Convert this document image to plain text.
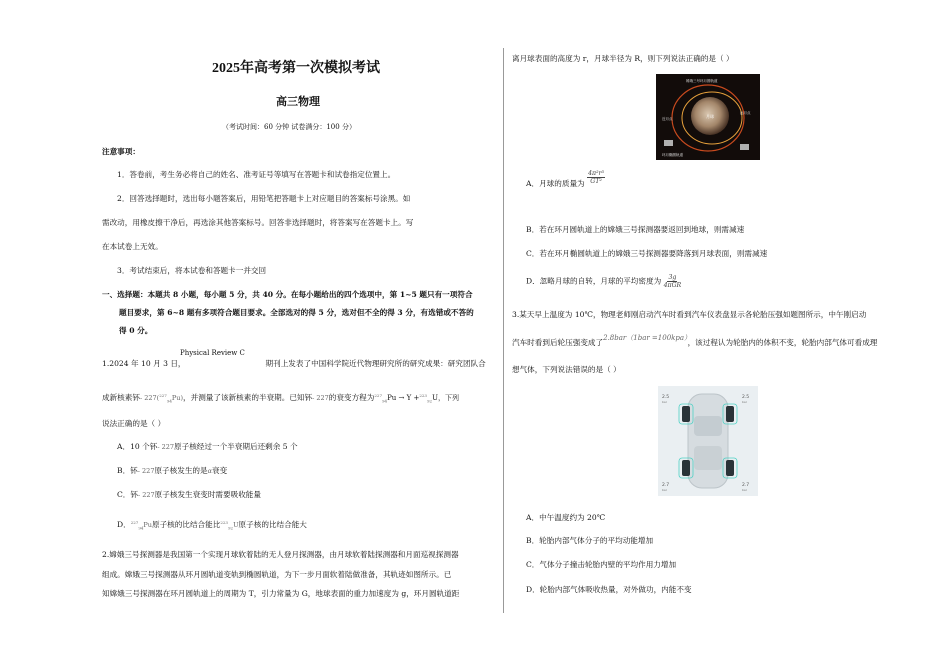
2025年高考第一次模拟考试
高三物理
（考试时间：60 分钟 试卷满分：100 分）
注意事项：
1．答卷前，考生务必将自己的姓名、准考证号等填写在答题卡和试卷指定位置上。
2．回答选择题时，选出每小题答案后，用铅笔把答题卡上对应题目的答案标号涂黑。如
需改动，用橡皮擦干净后，再选涂其他答案标号。回答非选择题时，将答案写在答题卡上。写
在本试卷上无效。
3．考试结束后，将本试卷和答题卡一并交回
一、选择题：本题共 8 小题，每小题 5 分，共 40 分。在每小题给出的四个选项中，第 1~5 题只有一项符合
题目要求，第 6~8 题有多项符合题目要求。全部选对的得 5 分，选对但不全的得 3 分，有选错或不答的
得 0 分。
Physical Review C
1.2024 年 10 月 3 日，	期刊上发表了中国科学院近代物理研究所的研究成果：研究团队合
成新核素钚- 227($^{227}_{94}$Pu)，并测量了该新核素的半衰期。已知钚- 227的衰变方程为$^{227}_{94}$Pu → Y +$^{223}_{92}$U，下列
说法正确的是（ ）
A．10 个钚- 227原子核经过一个半衰期后还剩余 5 个
B．钚- 227原子核发生的是α衰变
C．钚- 227原子核发生衰变时需要吸收能量
D．$^{227}_{94}$Pu原子核的比结合能比$^{223}_{92}$U原子核的比结合能大
2.嫦娥三号探测器是我国第一个实现月球软着陆的无人登月探测器，由月球软着陆探测器和月面巡视探测器
组成。嫦娥三号探测器从环月圆轨道变轨到椭圆轨道，为下一步月面软着陆做准备，其轨迹如图所示。已
知嫦娥三号探测器在环月圆轨道上的周期为 T，引力常量为 G，地球表面的重力加速度为 g，环月圆轨道距
离月球表面的高度为 r，月球半径为 R，则下列说法正确的是（ ）
嫦娥三号环月圆轨道
近月点	月球
远月点
环月椭圆轨道
A．月球的质量为 $\frac{\text{4π²r³}}{\text{GT²}}$
B．若在环月圆轨道上的嫦娥三号探测器要返回到地球，则需减速
C．若在环月椭圆轨道上的嫦娥三号探测器要降落到月球表面，则需减速
D．忽略月球的自转，月球的平均密度为 $\frac{3g}{\text{4πGR}}$
3.某天早上温度为 10℃，物理老师刚启动汽车时看到汽车仪表盘显示各轮胎压强如题图所示，中午刚启动
汽车时看到后轮压强变成了2.8bar（1bar =100kpa），该过程认为轮胎内的体积不变，轮胎内部气体可看成理
想气体，下列说法错误的是（ ）
2.5
bar
2.5
bar
2.7
bar
2.7
bar
A．中午温度约为 20℃
B．轮胎内部气体分子的平均动能增加
C．气体分子撞击轮胎内壁的平均作用力增加
D．轮胎内部气体吸收热量，对外做功，内能不变
